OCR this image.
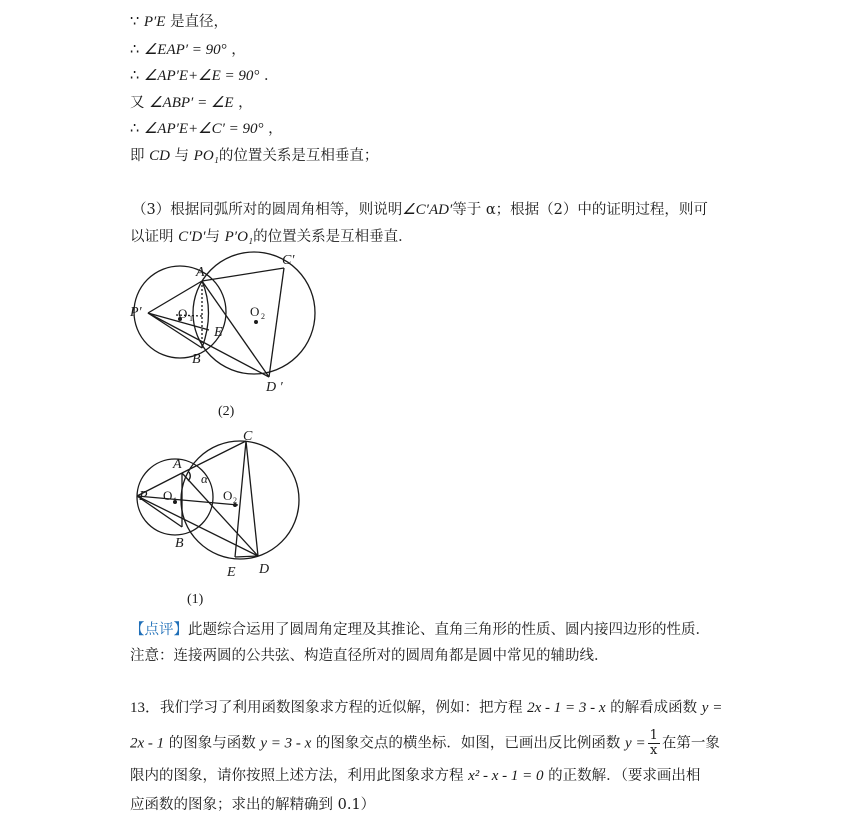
∵ P′E 是直径，
∴ ∠EAP′ = 90° ，
∴ ∠AP′E+∠E = 90° ．
又 ∠ABP′ = ∠E ，
∴ ∠AP′E+∠C′ = 90° ，
即 CD 与 PO₁的位置关系是互相垂直；
（3）根据同弧所对的圆周角相等，则说明∠C′AD′等于 α；根据（2）中的证明过程，则可
以证明 C′D′与 P′O₁的位置关系是互相垂直．
P′
A
B
C′
D ′
E
O 1	O 2
(2)
P
A
B
C
D
E
α
O 1	O 2
(1)
【点评】此题综合运用了圆周角定理及其推论、直角三角形的性质、圆内接四边形的性质．
注意：连接两圆的公共弦、构造直径所对的圆周角都是圆中常见的辅助线．
13．我们学习了利用函数图象求方程的近似解，例如：把方程 2x - 1 = 3 - x 的解看成函数 y =
2x - 1 的图象与函数 y = 3 - x 的图象交点的横坐标．如图，已画出反比例函数 $y = \frac{1}{x}$ 在第一象
限内的图象，请你按照上述方法，利用此图象求方程 x² - x - 1 = 0 的正数解．（要求画出相
应函数的图象；求出的解精确到 0.1）
